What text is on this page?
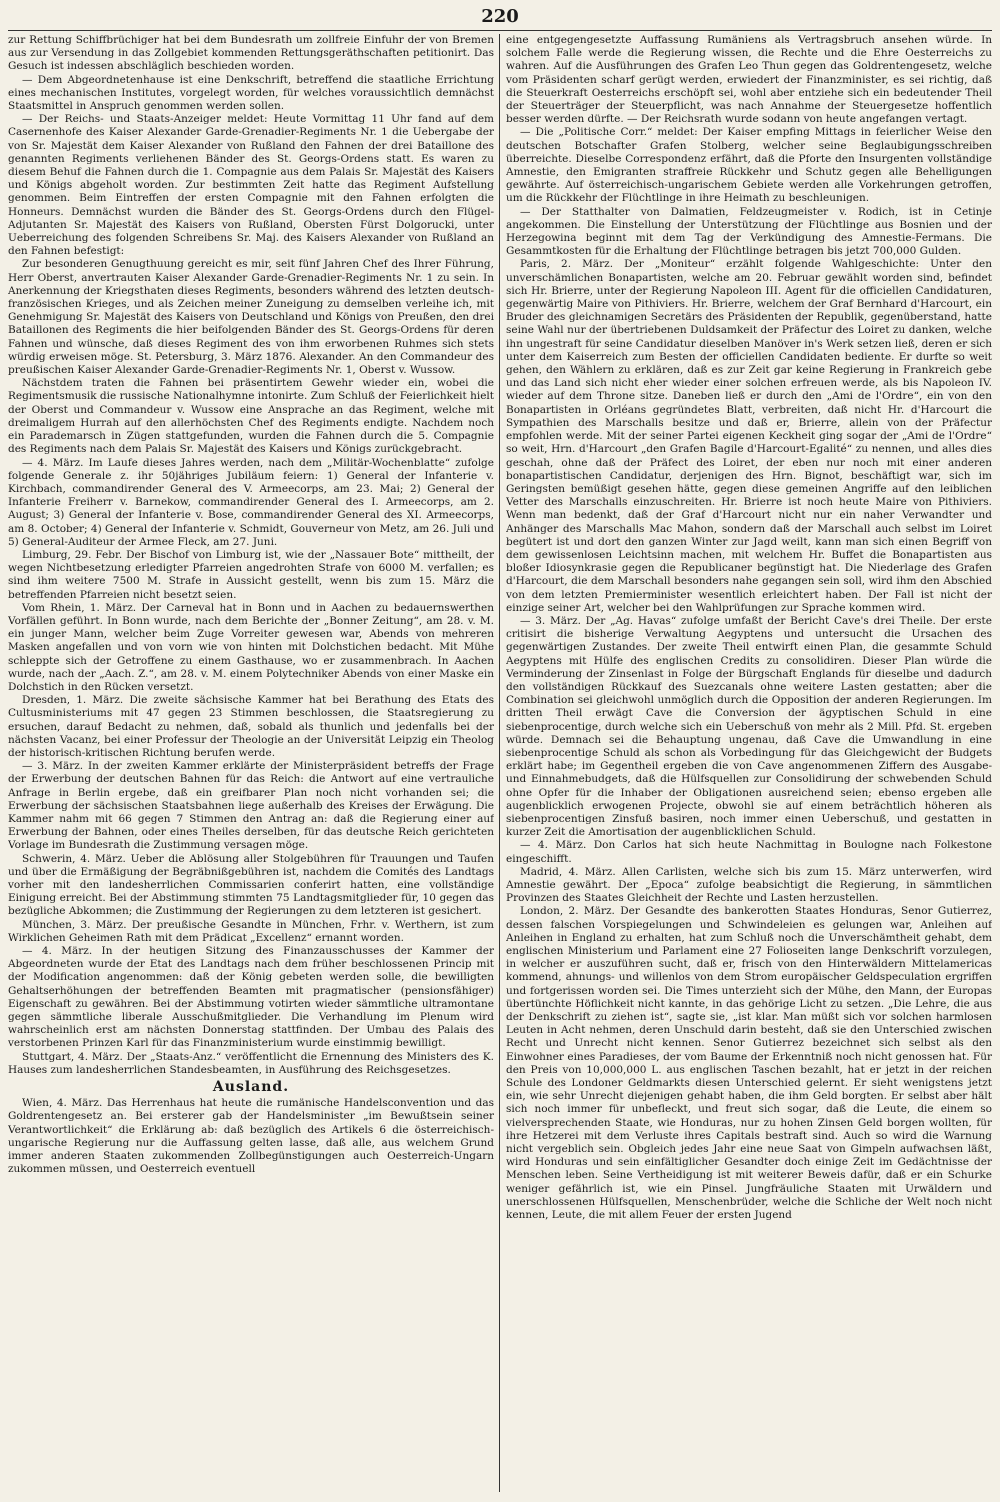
220

zur Rettung Schiffbrüchiger hat bei dem Bundesrath um zollfreie Einfuhr der von Bremen aus zur Versendung in das Zollgebiet kommenden Rettungsgeräthschaften petitionirt. Das Gesuch ist indessen abschläglich beschieden worden.

— Dem Abgeordnetenhause ist eine Denkschrift, betreffend die staatliche Errichtung eines mechanischen Institutes, vorgelegt worden, für welches voraussichtlich demnächst Staatsmittel in Anspruch genommen werden sollen.

— Der Reichs- und Staats-Anzeiger meldet: Heute Vormittag 11 Uhr fand auf dem Casernenhofe des Kaiser Alexander Garde-Grenadier-Regiments Nr. 1 die Uebergabe der von Sr. Majestät dem Kaiser Alexander von Rußland den Fahnen der drei Bataillone des genannten Regiments verliehenen Bänder des St. Georgs-Ordens statt. Es waren zu diesem Behuf die Fahnen durch die 1. Compagnie aus dem Palais Sr. Majestät des Kaisers und Königs abgeholt worden. Zur bestimmten Zeit hatte das Regiment Aufstellung genommen. Beim Eintreffen der ersten Compagnie mit den Fahnen erfolgten die Honneurs. Demnächst wurden die Bänder des St. Georgs-Ordens durch den Flügel-Adjutanten Sr. Majestät des Kaisers von Rußland, Obersten Fürst Dolgorucki, unter Ueberreichung des folgenden Schreibens Sr. Maj. des Kaisers Alexander von Rußland an den Fahnen befestigt:

Zur besonderen Genugthuung gereicht es mir, seit fünf Jahren Chef des Ihrer Führung, Herr Oberst, anvertrauten Kaiser Alexander Garde-Grenadier-Regiments Nr. 1 zu sein. In Anerkennung der Kriegsthaten dieses Regiments, besonders während des letzten deutsch-französischen Krieges, und als Zeichen meiner Zuneigung zu demselben verleihe ich, mit Genehmigung Sr. Majestät des Kaisers von Deutschland und Königs von Preußen, den drei Bataillonen des Regiments die hier beifolgenden Bänder des St. Georgs-Ordens für deren Fahnen und wünsche, daß dieses Regiment des von ihm erworbenen Ruhmes sich stets würdig erweisen möge. St. Petersburg, 3. März 1876. Alexander. An den Commandeur des preußischen Kaiser Alexander Garde-Grenadier-Regiments Nr. 1, Oberst v. Wussow.

Nächstdem traten die Fahnen bei präsentirtem Gewehr wieder ein, wobei die Regimentsmusik die russische Nationalhymne intonirte. Zum Schluß der Feierlichkeit hielt der Oberst und Commandeur v. Wussow eine Ansprache an das Regiment, welche mit dreimaligem Hurrah auf den allerhöchsten Chef des Regiments endigte. Nachdem noch ein Parademarsch in Zügen stattgefunden, wurden die Fahnen durch die 5. Compagnie des Regiments nach dem Palais Sr. Majestät des Kaisers und Königs zurückgebracht.

— 4. März. Im Laufe dieses Jahres werden, nach dem „Militär-Wochenblatte“ zufolge folgende Generale z. ihr 50jähriges Jubiläum feiern: 1) General der Infanterie v. Kirchbach, commandirender General des V. Armeecorps, am 23. Mai; 2) General der Infanterie Freiherr v. Barnekow, commandirender General des I. Armeecorps, am 2. August; 3) General der Infanterie v. Bose, commandirender General des XI. Armeecorps, am 8. October; 4) General der Infanterie v. Schmidt, Gouverneur von Metz, am 26. Juli und 5) General-Auditeur der Armee Fleck, am 27. Juni.

Limburg, 29. Febr. Der Bischof von Limburg ist, wie der „Nassauer Bote“ mittheilt, der wegen Nichtbesetzung erledigter Pfarreien angedrohten Strafe von 6000 M. verfallen; es sind ihm weitere 7500 M. Strafe in Aussicht gestellt, wenn bis zum 15. März die betreffenden Pfarreien nicht besetzt seien.

Vom Rhein, 1. März. Der Carneval hat in Bonn und in Aachen zu bedauernswerthen Vorfällen geführt. In Bonn wurde, nach dem Berichte der „Bonner Zeitung“, am 28. v. M. ein junger Mann, welcher beim Zuge Vorreiter gewesen war, Abends von mehreren Masken angefallen und von vorn wie von hinten mit Dolchstichen bedacht. Mit Mühe schleppte sich der Getroffene zu einem Gasthause, wo er zusammenbrach. In Aachen wurde, nach der „Aach. Z.“, am 28. v. M. einem Polytechniker Abends von einer Maske ein Dolchstich in den Rücken versetzt.

Dresden, 1. März. Die zweite sächsische Kammer hat bei Berathung des Etats des Cultusministeriums mit 47 gegen 23 Stimmen beschlossen, die Staatsregierung zu ersuchen, darauf Bedacht zu nehmen, daß, sobald als thunlich und jedenfalls bei der nächsten Vacanz, bei einer Professur der Theologie an der Universität Leipzig ein Theolog der historisch-kritischen Richtung berufen werde.

— 3. März. In der zweiten Kammer erklärte der Ministerpräsident betreffs der Frage der Erwerbung der deutschen Bahnen für das Reich: die Antwort auf eine vertrauliche Anfrage in Berlin ergebe, daß ein greifbarer Plan noch nicht vorhanden sei; die Erwerbung der sächsischen Staatsbahnen liege außerhalb des Kreises der Erwägung. Die Kammer nahm mit 66 gegen 7 Stimmen den Antrag an: daß die Regierung einer auf Erwerbung der Bahnen, oder eines Theiles derselben, für das deutsche Reich gerichteten Vorlage im Bundesrath die Zustimmung versagen möge.

Schwerin, 4. März. Ueber die Ablösung aller Stolgebühren für Trauungen und Taufen und über die Ermäßigung der Begräbnißgebühren ist, nachdem die Comités des Landtags vorher mit den landesherrlichen Commissarien conferirt hatten, eine vollständige Einigung erreicht. Bei der Abstimmung stimmten 75 Landtagsmitglieder für, 10 gegen das bezügliche Abkommen; die Zustimmung der Regierungen zu dem letzteren ist gesichert.

München, 3. März. Der preußische Gesandte in München, Frhr. v. Werthern, ist zum Wirklichen Geheimen Rath mit dem Prädicat „Excellenz“ ernannt worden.

— 4. März. In der heutigen Sitzung des Finanzausschusses der Kammer der Abgeordneten wurde der Etat des Landtags nach dem früher beschlossenen Princip mit der Modification angenommen: daß der König gebeten werden solle, die bewilligten Gehaltserhöhungen der betreffenden Beamten mit pragmatischer (pensionsfähiger) Eigenschaft zu gewähren. Bei der Abstimmung votirten wieder sämmtliche ultramontane gegen sämmtliche liberale Ausschußmitglieder. Die Verhandlung im Plenum wird wahrscheinlich erst am nächsten Donnerstag stattfinden. Der Umbau des Palais des verstorbenen Prinzen Karl für das Finanzministerium wurde einstimmig bewilligt.

Stuttgart, 4. März. Der „Staats-Anz.“ veröffentlicht die Ernennung des Ministers des K. Hauses zum landesherrlichen Standesbeamten, in Ausführung des Reichsgesetzes.

Ausland.

Wien, 4. März. Das Herrenhaus hat heute die rumänische Handelsconvention und das Goldrentengesetz an. Bei ersterer gab der Handelsminister „im Bewußtsein seiner Verantwortlichkeit“ die Erklärung ab: daß bezüglich des Artikels 6 die österreichisch-ungarische Regierung nur die Auffassung gelten lasse, daß alle, aus welchem Grund immer anderen Staaten zukommenden Zollbegünstigungen auch Oesterreich-Ungarn zukommen müssen, und Oesterreich eventuell

eine entgegengesetzte Auffassung Rumäniens als Vertragsbruch ansehen würde. In solchem Falle werde die Regierung wissen, die Rechte und die Ehre Oesterreichs zu wahren. Auf die Ausführungen des Grafen Leo Thun gegen das Goldrentengesetz, welche vom Präsidenten scharf gerügt werden, erwiedert der Finanzminister, es sei richtig, daß die Steuerkraft Oesterreichs erschöpft sei, wohl aber entziehe sich ein bedeutender Theil der Steuerträger der Steuerpflicht, was nach Annahme der Steuergesetze hoffentlich besser werden dürfte. — Der Reichsrath wurde sodann von heute angefangen vertagt.

— Die „Politische Corr.“ meldet: Der Kaiser empfing Mittags in feierlicher Weise den deutschen Botschafter Grafen Stolberg, welcher seine Beglaubigungsschreiben überreichte. Dieselbe Correspondenz erfährt, daß die Pforte den Insurgenten vollständige Amnestie, den Emigranten straffreie Rückkehr und Schutz gegen alle Behelligungen gewährte. Auf österreichisch-ungarischem Gebiete werden alle Vorkehrungen getroffen, um die Rückkehr der Flüchtlinge in ihre Heimath zu beschleunigen.

— Der Statthalter von Dalmatien, Feldzeugmeister v. Rodich, ist in Cetinje angekommen. Die Einstellung der Unterstützung der Flüchtlinge aus Bosnien und der Herzegowina beginnt mit dem Tag der Verkündigung des Amnestie-Fermans. Die Gesammtkosten für die Erhaltung der Flüchtlinge betragen bis jetzt 700,000 Gulden.

Paris, 2. März. Der „Moniteur“ erzählt folgende Wahlgeschichte: Unter den unverschämlichen Bonapartisten, welche am 20. Februar gewählt worden sind, befindet sich Hr. Brierre, unter der Regierung Napoleon III. Agent für die officiellen Candidaturen, gegenwärtig Maire von Pithiviers. Hr. Brierre, welchem der Graf Bernhard d'Harcourt, ein Bruder des gleichnamigen Secretärs des Präsidenten der Republik, gegenüberstand, hatte seine Wahl nur der übertriebenen Duldsamkeit der Präfectur des Loiret zu danken, welche ihn ungestraft für seine Candidatur dieselben Manöver in's Werk setzen ließ, deren er sich unter dem Kaiserreich zum Besten der officiellen Candidaten bediente. Er durfte so weit gehen, den Wählern zu erklären, daß es zur Zeit gar keine Regierung in Frankreich gebe und das Land sich nicht eher wieder einer solchen erfreuen werde, als bis Napoleon IV. wieder auf dem Throne sitze. Daneben ließ er durch den „Ami de l'Ordre“, ein von den Bonapartisten in Orléans gegründetes Blatt, verbreiten, daß nicht Hr. d'Harcourt die Sympathien des Marschalls besitze und daß er, Brierre, allein von der Präfectur empfohlen werde. Mit der seiner Partei eigenen Keckheit ging sogar der „Ami de l'Ordre“ so weit, Hrn. d'Harcourt „den Grafen Bagile d'Harcourt-Egalité“ zu nennen, und alles dies geschah, ohne daß der Präfect des Loiret, der eben nur noch mit einer anderen bonapartistischen Candidatur, derjenigen des Hrn. Bignot, beschäftigt war, sich im Geringsten bemüßigt gesehen hätte, gegen diese gemeinen Angriffe auf den leiblichen Vetter des Marschalls einzuschreiten. Hr. Brierre ist noch heute Maire von Pithiviers. Wenn man bedenkt, daß der Graf d'Harcourt nicht nur ein naher Verwandter und Anhänger des Marschalls Mac Mahon, sondern daß der Marschall auch selbst im Loiret begütert ist und dort den ganzen Winter zur Jagd weilt, kann man sich einen Begriff von dem gewissenlosen Leichtsinn machen, mit welchem Hr. Buffet die Bonapartisten aus bloßer Idiosynkrasie gegen die Republicaner begünstigt hat. Die Niederlage des Grafen d'Harcourt, die dem Marschall besonders nahe gegangen sein soll, wird ihm den Abschied von dem letzten Premierminister wesentlich erleichtert haben. Der Fall ist nicht der einzige seiner Art, welcher bei den Wahlprüfungen zur Sprache kommen wird.

— 3. März. Der „Ag. Havas“ zufolge umfaßt der Bericht Cave's drei Theile. Der erste critisirt die bisherige Verwaltung Aegyptens und untersucht die Ursachen des gegenwärtigen Zustandes. Der zweite Theil entwirft einen Plan, die gesammte Schuld Aegyptens mit Hülfe des englischen Credits zu consolidiren. Dieser Plan würde die Verminderung der Zinsenlast in Folge der Bürgschaft Englands für dieselbe und dadurch den vollständigen Rückkauf des Suezcanals ohne weitere Lasten gestatten; aber die Combination sei gleichwohl unmöglich durch die Opposition der anderen Regierungen. Im dritten Theil erwägt Cave die Conversion der ägyptischen Schuld in eine siebenprocentige, durch welche sich ein Ueberschuß von mehr als 2 Mill. Pfd. St. ergeben würde. Demnach sei die Behauptung ungenau, daß Cave die Umwandlung in eine siebenprocentige Schuld als schon als Vorbedingung für das Gleichgewicht der Budgets erklärt habe; im Gegentheil ergeben die von Cave angenommenen Ziffern des Ausgabe- und Einnahmebudgets, daß die Hülfsquellen zur Consolidirung der schwebenden Schuld ohne Opfer für die Inhaber der Obligationen ausreichend seien; ebenso ergeben alle augenblicklich erwogenen Projecte, obwohl sie auf einem beträchtlich höheren als siebenprocentigen Zinsfuß basiren, noch immer einen Ueberschuß, und gestatten in kurzer Zeit die Amortisation der augenblicklichen Schuld.

— 4. März. Don Carlos hat sich heute Nachmittag in Boulogne nach Folkestone eingeschifft.

Madrid, 4. März. Allen Carlisten, welche sich bis zum 15. März unterwerfen, wird Amnestie gewährt. Der „Epoca“ zufolge beabsichtigt die Regierung, in sämmtlichen Provinzen des Staates Gleichheit der Rechte und Lasten herzustellen.

London, 2. März. Der Gesandte des bankerotten Staates Honduras, Senor Gutierrez, dessen falschen Vorspiegelungen und Schwindeleien es gelungen war, Anleihen auf Anleihen in England zu erhalten, hat zum Schluß noch die Unverschämtheit gehabt, dem englischen Ministerium und Parlament eine 27 Folioseiten lange Denkschrift vorzulegen, in welcher er auszuführen sucht, daß er, frisch von den Hinterwäldern Mittelamericas kommend, ahnungs- und willenlos von dem Strom europäischer Geldspeculation ergriffen und fortgerissen worden sei. Die Times unterzieht sich der Mühe, den Mann, der Europas übertünchte Höflichkeit nicht kannte, in das gehörige Licht zu setzen. „Die Lehre, die aus der Denkschrift zu ziehen ist“, sagte sie, „ist klar. Man müßt sich vor solchen harmlosen Leuten in Acht nehmen, deren Unschuld darin besteht, daß sie den Unterschied zwischen Recht und Unrecht nicht kennen. Senor Gutierrez bezeichnet sich selbst als den Einwohner eines Paradieses, der vom Baume der Erkenntniß noch nicht genossen hat. Für den Preis von 10,000,000 L. aus englischen Taschen bezahlt, hat er jetzt in der reichen Schule des Londoner Geldmarkts diesen Unterschied gelernt. Er sieht wenigstens jetzt ein, wie sehr Unrecht diejenigen gehabt haben, die ihm Geld borgten. Er selbst aber hält sich noch immer für unbefleckt, und freut sich sogar, daß die Leute, die einem so vielversprechenden Staate, wie Honduras, nur zu hohen Zinsen Geld borgen wollten, für ihre Hetzerei mit dem Verluste ihres Capitals bestraft sind. Auch so wird die Warnung nicht vergeblich sein. Obgleich jedes Jahr eine neue Saat von Gimpeln aufwachsen läßt, wird Honduras und sein einfältiglicher Gesandter doch einige Zeit im Gedächtnisse der Menschen leben. Seine Vertheidigung ist mit weiterer Beweis dafür, daß er ein Schurke weniger gefährlich ist, wie ein Pinsel. Jungfräuliche Staaten mit Urwäldern und unerschlossenen Hülfsquellen, Menschenbrüder, welche die Schliche der Welt noch nicht kennen, Leute, die mit allem Feuer der ersten Jugend
